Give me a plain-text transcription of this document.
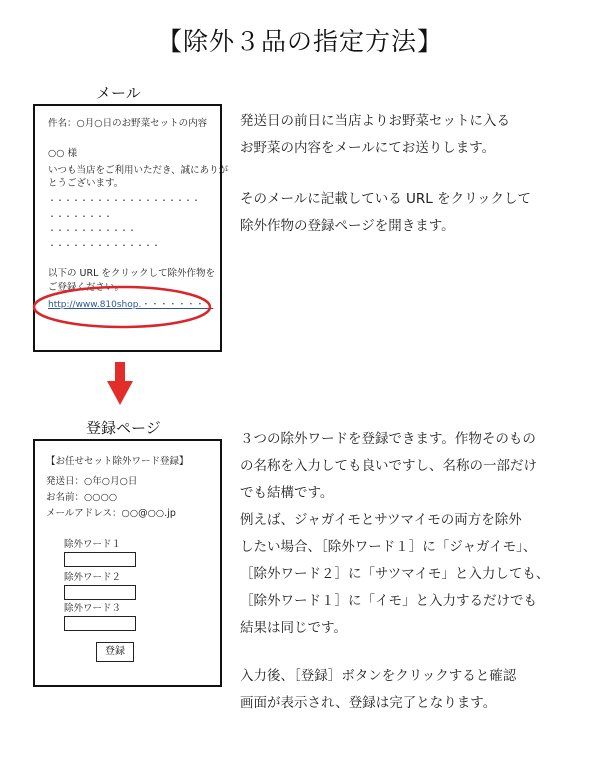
【除外３品の指定方法】
メール
件名：○月○日のお野菜セットの内容
○○ 様
いつも当店をご利用いただき、誠にありが
とうございます。
・・・・・・・・・・・・・・・・・・・
・・・・・・・・
・・・・・・・・・・・
・・・・・・・・・・・・・・
以下の URL をクリックして除外作物を
ご登録ください。
http://www.810shop.・・・・・・・・
発送日の前日に当店よりお野菜セットに入る
お野菜の内容をメールにてお送りします。
そのメールに記載している URL をクリックして
除外作物の登録ページを開きます。
登録ページ
【お任せセット除外ワード登録】
発送日：○年○月○日
お名前：○○○○
メールアドレス：○○@○○.jp
除外ワード１
除外ワード２
除外ワード３
登録
３つの除外ワードを登録できます。作物そのもの
の名称を入力しても良いですし、名称の一部だけ
でも結構です。
例えば、ジャガイモとサツマイモの両方を除外
したい場合、［除外ワード１］に「ジャガイモ」、
［除外ワード２］に「サツマイモ」と入力しても、
［除外ワード１］に「イモ」と入力するだけでも
結果は同じです。
入力後、［登録］ボタンをクリックすると確認
画面が表示され、登録は完了となります。
